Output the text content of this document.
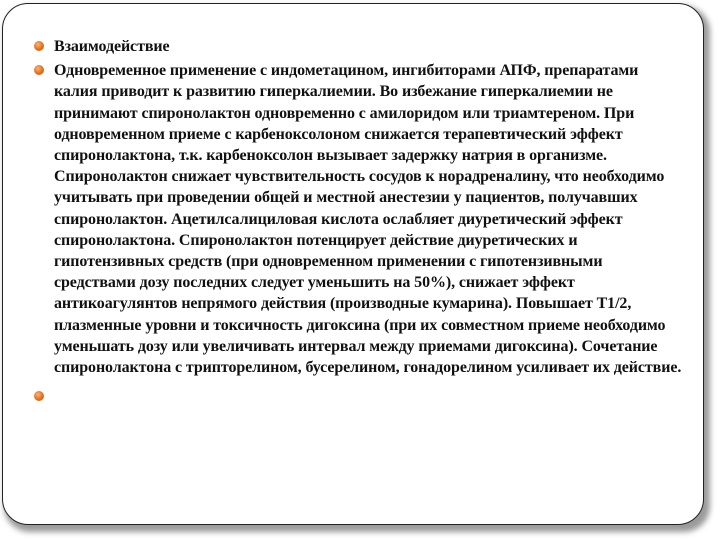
Взаимодействие
Одновременное применение с индометацином, ингибиторами АПФ, препаратами калия приводит к развитию гиперкалиемии. Во избежание гиперкалиемии не принимают спиронолактон одновременно с амилоридом или триамтереном. При одновременном приеме с карбеноксолоном снижается терапевтический эффект спиронолактона, т.к. карбеноксолон вызывает задержку натрия в организме. Спиронолактон снижает чувствительность сосудов к норадреналину, что необходимо учитывать при проведении общей и местной анестезии у пациентов, получавших спиронолактон. Ацетилсалициловая кислота ослабляет диуретический эффект спиронолактона. Спиронолактон потенцирует действие диуретических и гипотензивных средств (при одновременном применении с гипотензивными средствами дозу последних следует уменьшить на 50%), снижает эффект антикоагулянтов непрямого действия (производные кумарина). Повышает Т1/2, плазменные уровни и токсичность дигоксина (при их совместном приеме необходимо уменьшать дозу или увеличивать интервал между приемами дигоксина). Сочетание спиронолактона с трипторелином, бусерелином, гонадорелином усиливает их действие.
